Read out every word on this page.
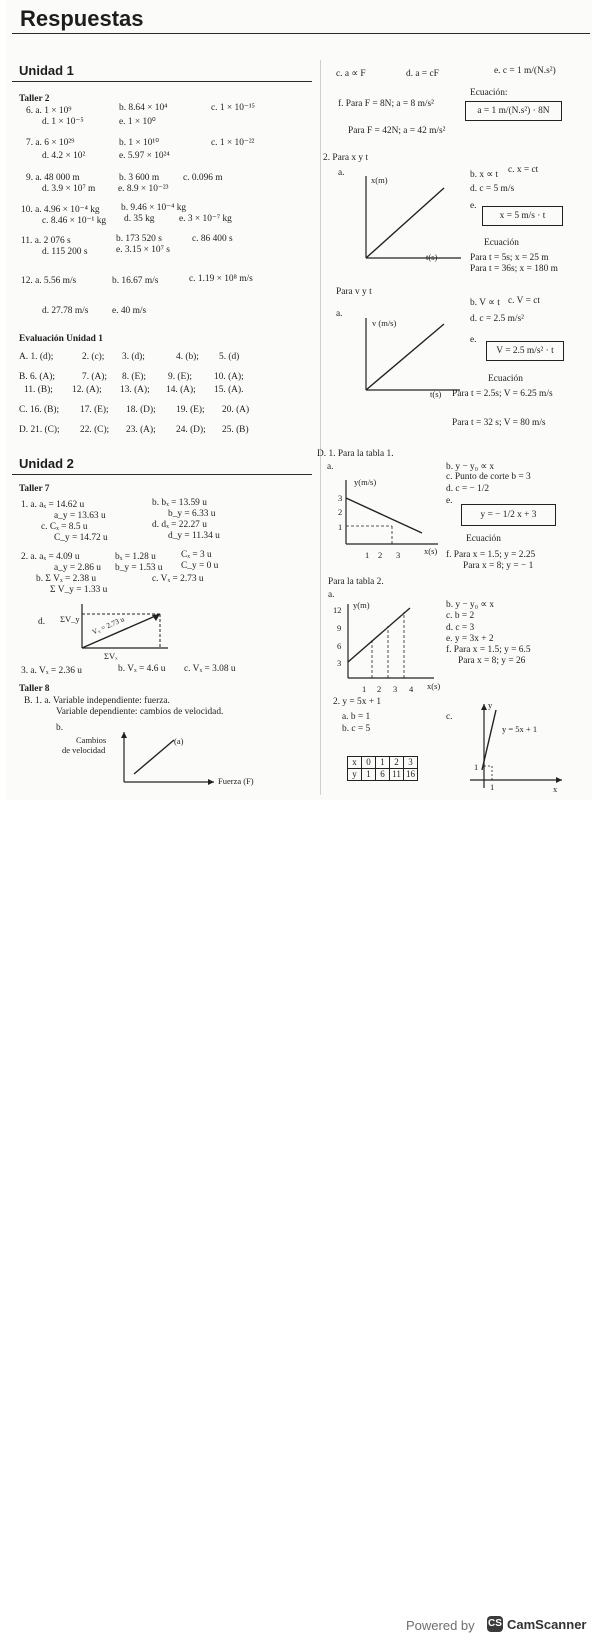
Respuestas
Unidad 1
Taller 2
6. a. 1 × 10⁹	b. 8.64 × 10⁴	c. 1 × 10⁻¹⁵
d. 1 × 10⁻⁵	e. 1 × 10⁰
7. a. 6 × 10²⁹	b. 1 × 10¹⁰	c. 1 × 10⁻²²
d. 4.2 × 10²	e. 5.97 × 10²⁴
9. a. 48 000 m	b. 3 600 m	c. 0.096 m
d. 3.9 × 10⁷ m e. 8.9 × 10⁻²³
10. a. 4.96 × 10⁻⁴ kg b. 9.46 × 10⁻⁴ kg
c. 8.46 × 10⁻¹ kg d. 35 kg	e. 3 × 10⁻⁷ kg
11. a. 2 076 s	b. 173 520 s	c. 86 400 s
d. 115 200 s	e. 3.15 × 10⁷ s
12. a. 5.56 m/s	b. 16.67 m/s	c. 1.19 × 10⁸ m/s
d. 27.78 m/s	e. 40 m/s
Evaluación Unidad 1
A. 1. (d);	2. (c); 3. (d);	4. (b); 5. (d)
B. 6. (A);	7. (A); 8. (E); 9. (E); 10. (A);
11. (B); 12. (A); 13. (A); 14. (A); 15. (A).
C. 16. (B); 17. (E); 18. (D); 19. (E); 20. (A)
D. 21. (C); 22. (C); 23. (A); 24. (D); 25. (B)
c. a ∝ F	d. a = cF	e. c = 1 m/(N.s²)
Ecuación:
f. Para F = 8N; a = 8 m/s²
a = 1 m/(N.s²) · 8N
Para F = 42N; a = 42 m/s²
2. Para x y t
a.
x(m)
t(s)
b. x ∝ t c. x = ct
d. c = 5 m/s
e.
x = 5 m/s · t
Ecuación
Para t = 5s; x = 25 m
Para t = 36s; x = 180 m
Para v y t
a.
v (m/s)
t(s)
b. V ∝ t c. V = ct
d. c = 2.5 m/s²
e.
V = 2.5 m/s² · t
Ecuación
Para t = 2.5s; V = 6.25 m/s
Para t = 32 s; V = 80 m/s
Unidad 2
Taller 7
1. a. aₓ = 14.62 u
a_y = 13.63 u
b. bₓ = 13.59 u
b_y = 6.33 u
c. Cₓ = 8.5 u
C_y = 14.72 u
d. dₓ = 22.27 u
d_y = 11.34 u
2. a. aₓ = 4.09 u
a_y = 2.86 u
bₓ = 1.28 u
b_y = 1.53 u
Cₓ = 3 u
C_y = 0 u
b. Σ Vₓ = 2.38 u
Σ V_y = 1.33 u
c. Vₓ = 2.73 u
d. ΣV_y Vₓ = 2.73 u
ΣVₓ
3. a. Vₓ = 2.36 u	b. Vₓ = 4.6 u c. Vₓ = 3.08 u
Taller 8
B. 1. a. Variable independiente: fuerza.
Variable dependiente: cambios de velocidad.
b.
Cambios
de velocidad
(a)
Fuerza (F)
D. 1. Para la tabla 1.
a.
y(m/s)
3
2
1
1 2 3	x(s)
b. y − y₀ ∝ x
c. Punto de corte b = 3
d. c = − 1/2
e.
y = − 1/2 x + 3
Ecuación
f. Para x = 1.5; y = 2.25
Para x = 8; y = − 1
Para la tabla 2.
a.
y(m)
12
9
6
3
1 2 3 4 x(s)
b. y − y₀ ∝ x
c. b = 2
d. c = 3
e. y = 3x + 2
f. Para x = 1.5; y = 6.5
Para x = 8; y = 26
2. y = 5x + 1
a. b = 1
b. c = 5
c.
x	0	1	2	3
y	1	6	11	16
y
y = 5x + 1
1
1	x
Powered by CS CamScanner
